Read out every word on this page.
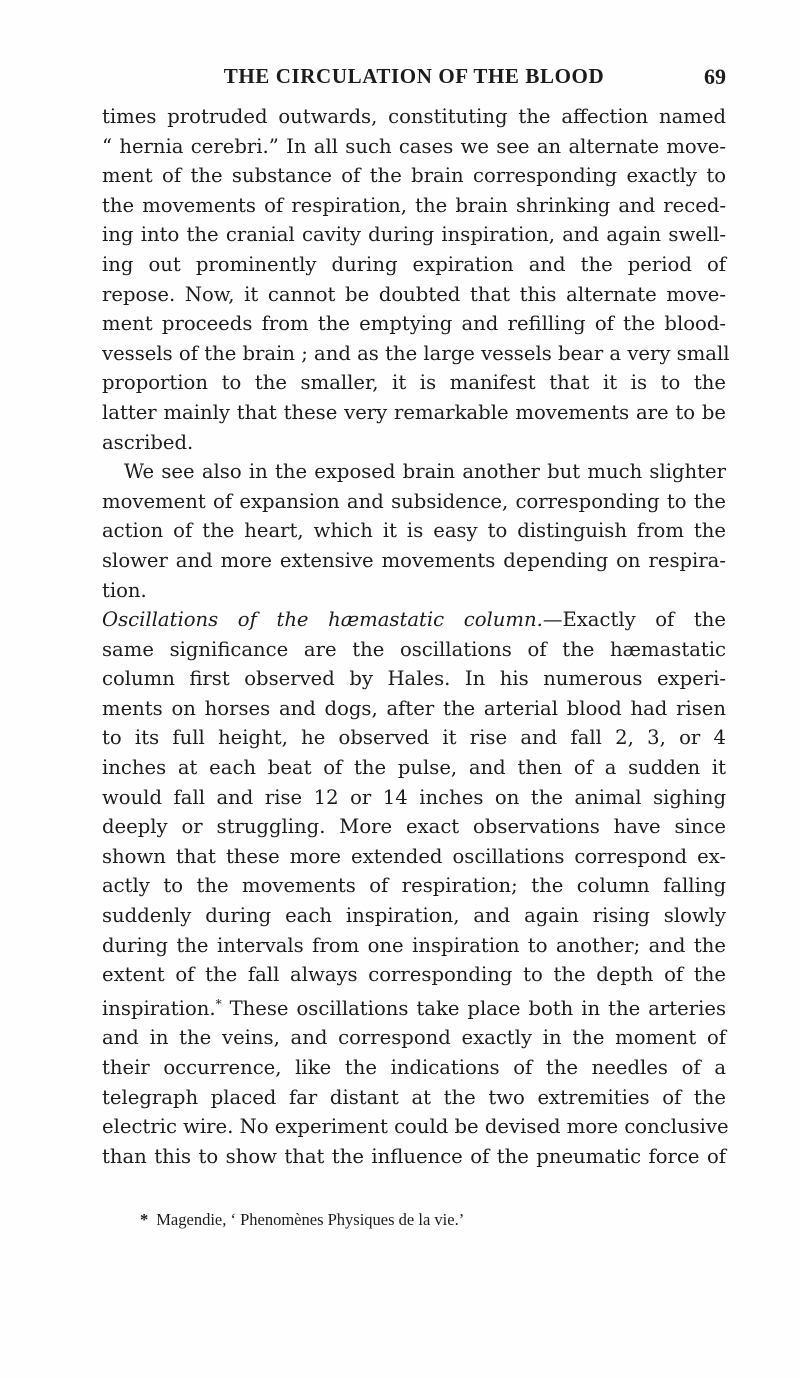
THE CIRCULATION OF THE BLOOD	69
times protruded outwards, constituting the affection named
“ hernia cerebri.” In all such cases we see an alternate move-
ment of the substance of the brain corresponding exactly to
the movements of respiration, the brain shrinking and reced-
ing into the cranial cavity during inspiration, and again swell-
ing out prominently during expiration and the period of
repose. Now, it cannot be doubted that this alternate move-
ment proceeds from the emptying and refilling of the blood-
vessels of the brain ; and as the large vessels bear a very small
proportion to the smaller, it is manifest that it is to the
latter mainly that these very remarkable movements are to be
ascribed.
We see also in the exposed brain another but much slighter
movement of expansion and subsidence, corresponding to the
action of the heart, which it is easy to distinguish from the
slower and more extensive movements depending on respira-
tion.
Oscillations of the hæmastatic column.—Exactly of the
same significance are the oscillations of the hæmastatic
column first observed by Hales. In his numerous experi-
ments on horses and dogs, after the arterial blood had risen
to its full height, he observed it rise and fall 2, 3, or 4
inches at each beat of the pulse, and then of a sudden it
would fall and rise 12 or 14 inches on the animal sighing
deeply or struggling. More exact observations have since
shown that these more extended oscillations correspond ex-
actly to the movements of respiration; the column falling
suddenly during each inspiration, and again rising slowly
during the intervals from one inspiration to another; and the
extent of the fall always corresponding to the depth of the
inspiration.* These oscillations take place both in the arteries
and in the veins, and correspond exactly in the moment of
their occurrence, like the indications of the needles of a
telegraph placed far distant at the two extremities of the
electric wire. No experiment could be devised more conclusive
than this to show that the influence of the pneumatic force of
* Magendie, ‘ Phenomènes Physiques de la vie.’
